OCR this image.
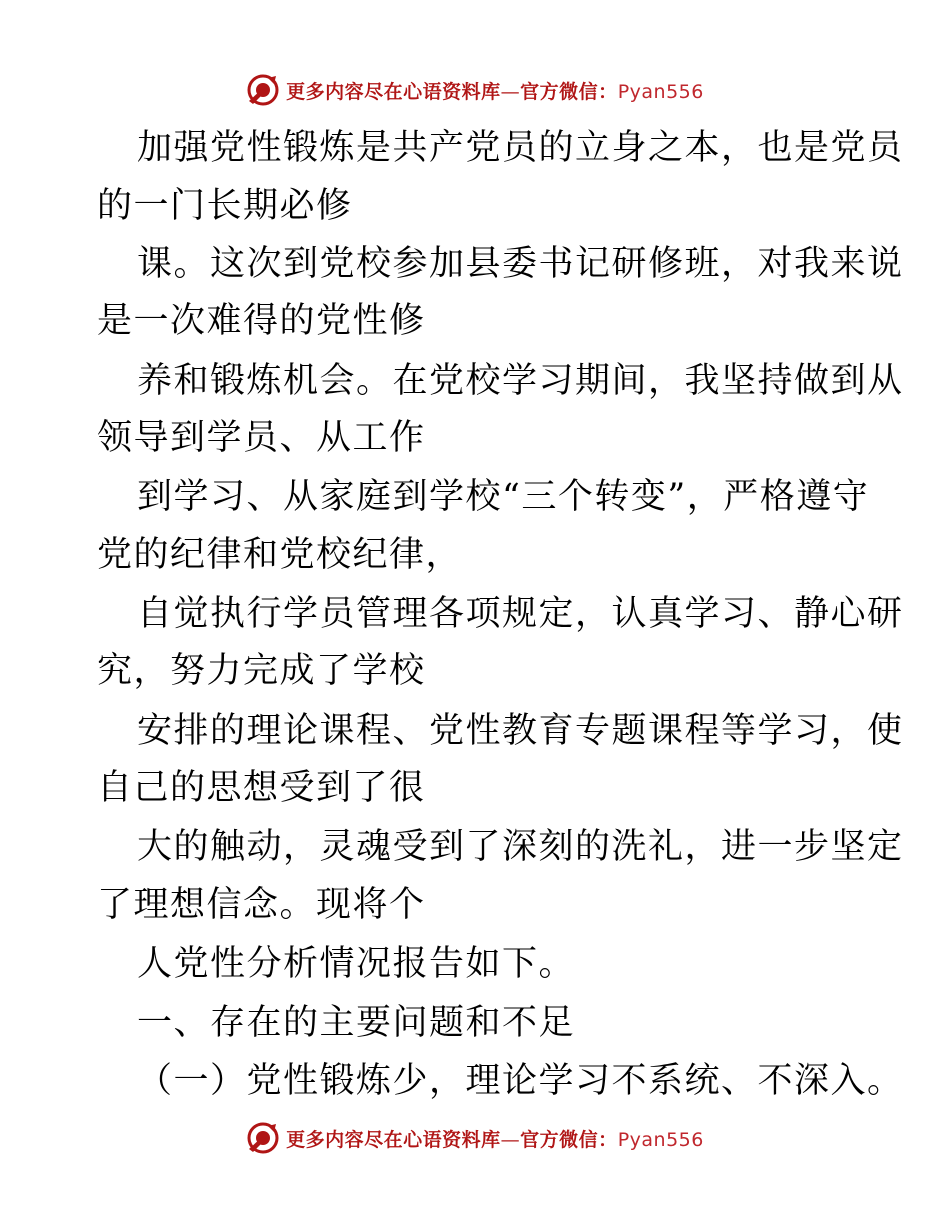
更多内容尽在心语资料库—官方微信：Pyan556
加强党性锻炼是共产党员的立身之本，也是党员
的一门长期必修
课。这次到党校参加县委书记研修班，对我来说
是一次难得的党性修
养和锻炼机会。在党校学习期间，我坚持做到从
领导到学员、从工作
到学习、从家庭到学校“三个转变”，严格遵守
党的纪律和党校纪律，
自觉执行学员管理各项规定，认真学习、静心研
究，努力完成了学校
安排的理论课程、党性教育专题课程等学习，使
自己的思想受到了很
大的触动，灵魂受到了深刻的洗礼，进一步坚定
了理想信念。现将个
人党性分析情况报告如下。
一、存在的主要问题和不足
（一）党性锻炼少，理论学习不系统、不深入。
更多内容尽在心语资料库—官方微信：Pyan556
